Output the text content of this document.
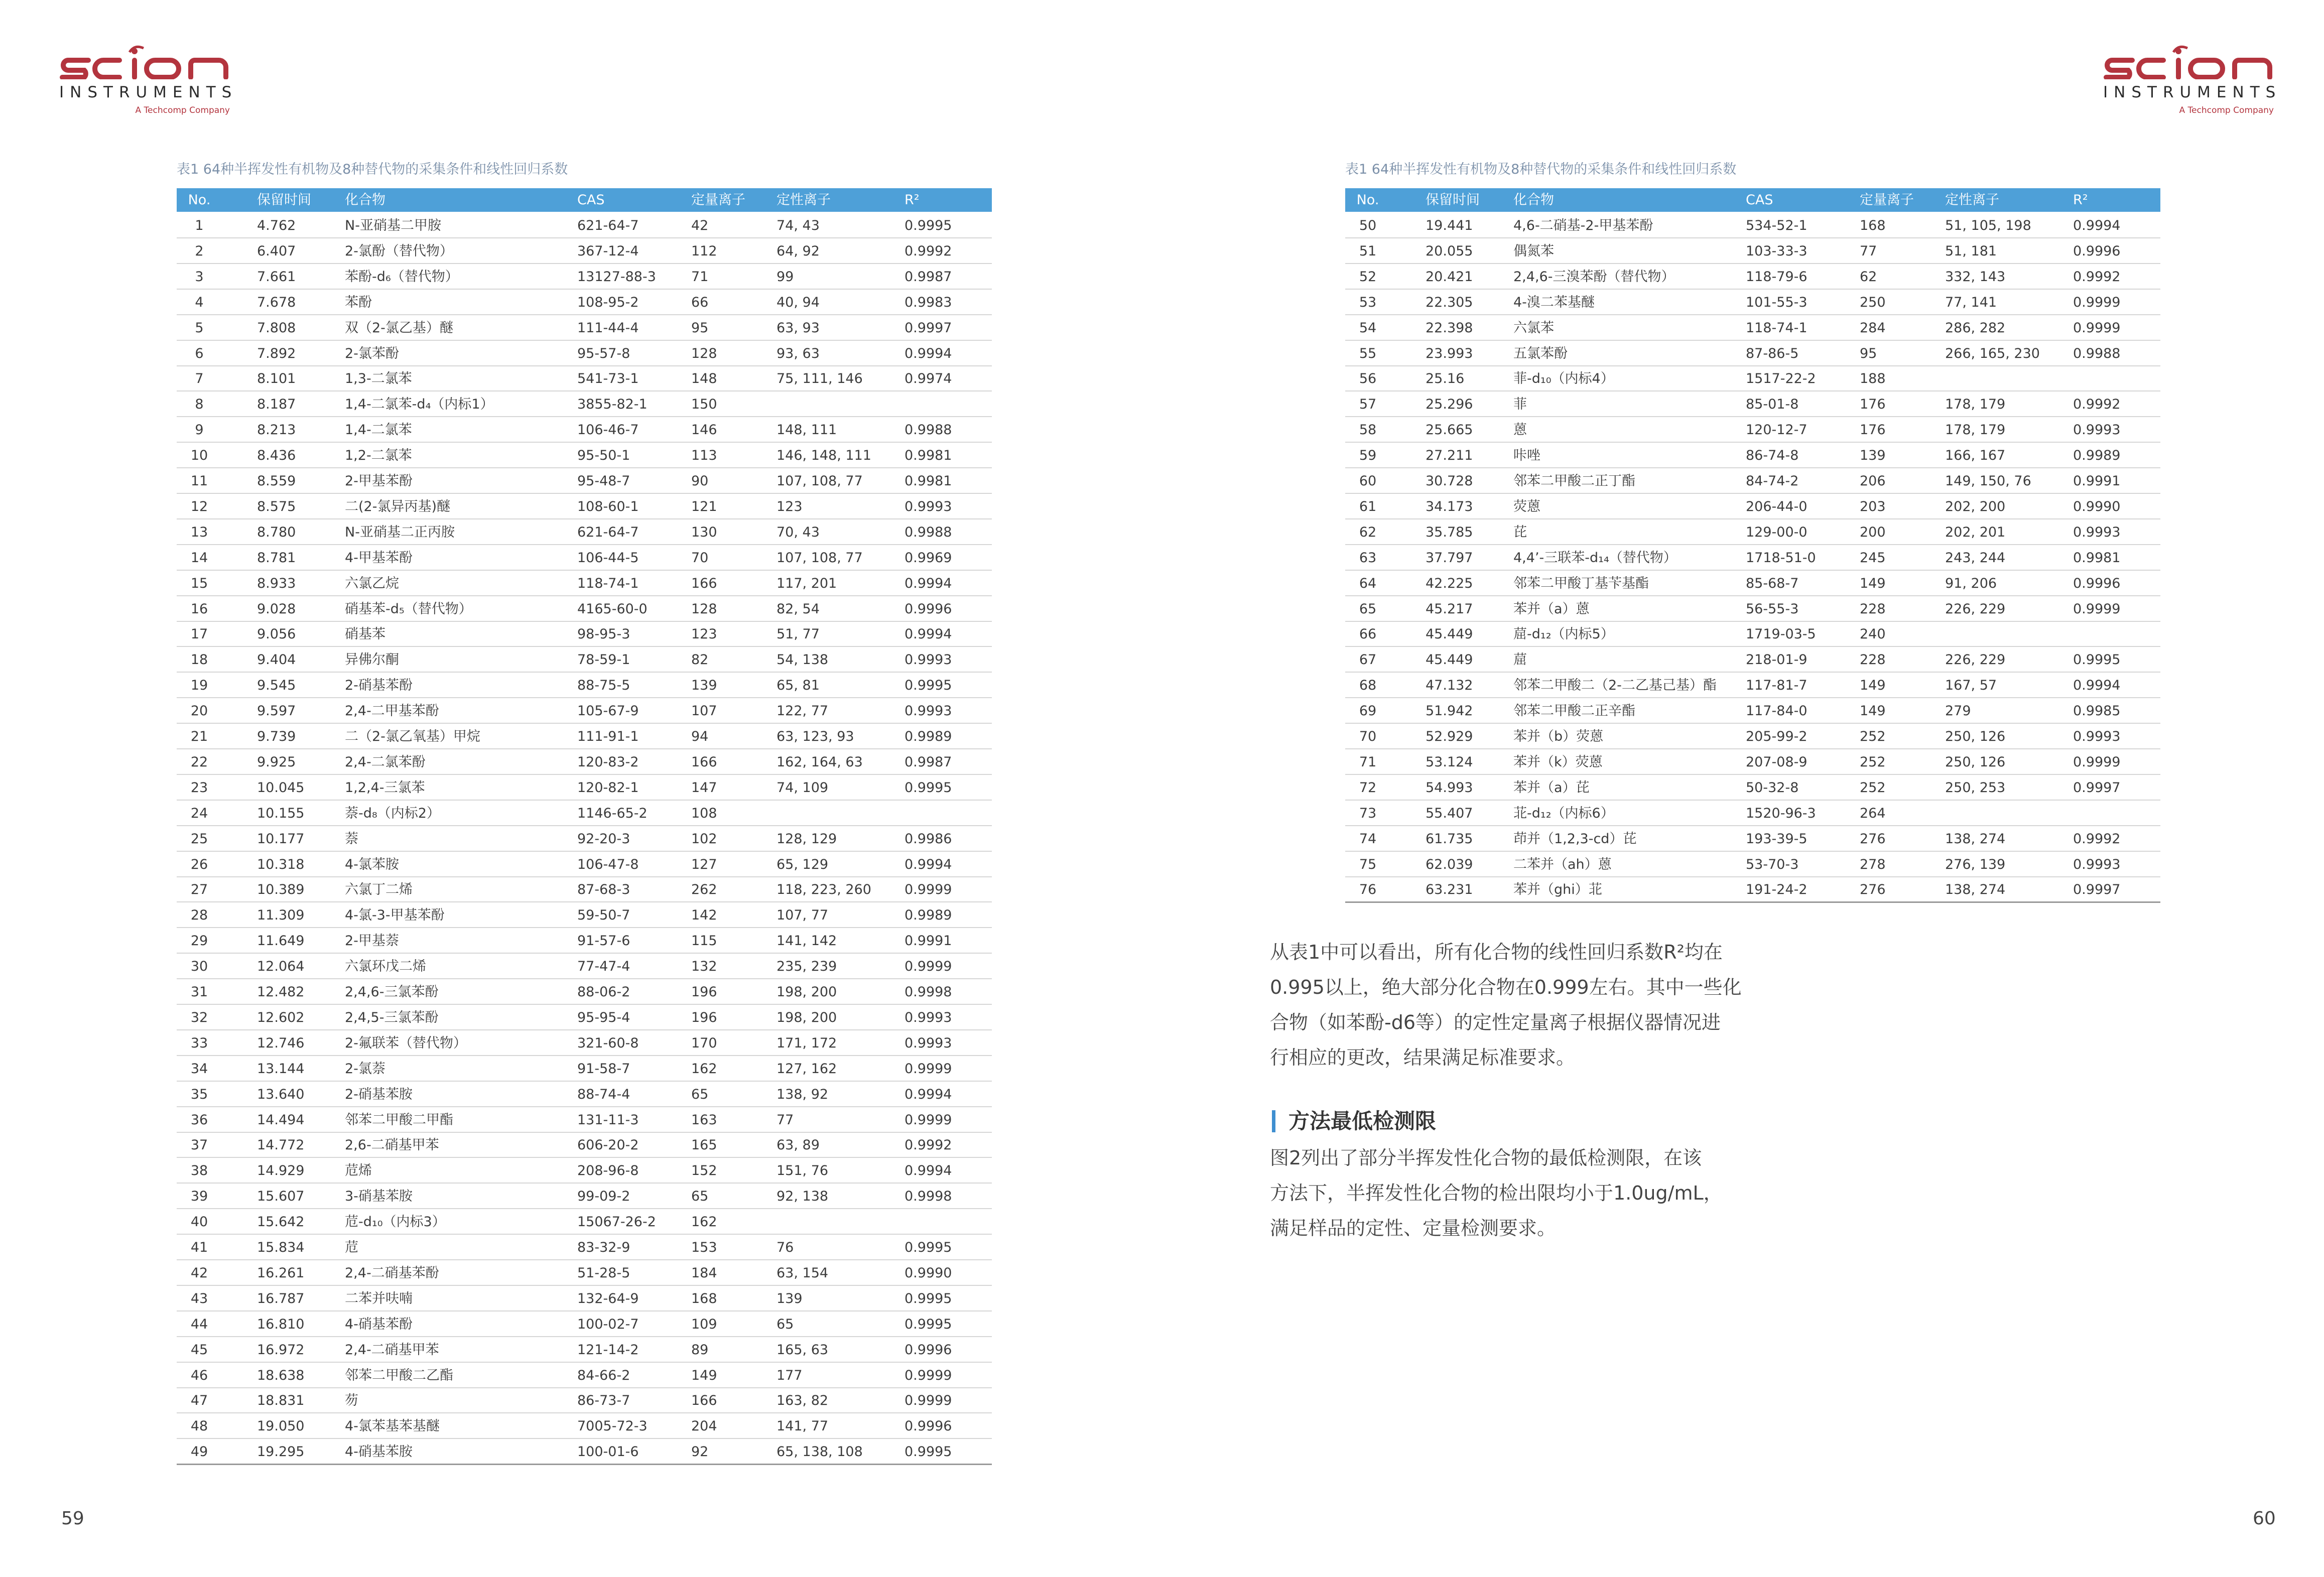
INSTRUMENTS
A Techcomp Company
INSTRUMENTS
A Techcomp Company
表1 64种半挥发性有机物及8种替代物的采集条件和线性回归系数	表1 64种半挥发性有机物及8种替代物的采集条件和线性回归系数
No.	保留时间 化合物	CAS	定量离子 定性离子	R²
1	4.762	N-亚硝基二甲胺	621-64-7	42	74, 43	0.9995
2	6.407	2-氯酚（替代物）	367-12-4	112	64, 92	0.9992
3	7.661	苯酚-d₆（替代物）	13127-88-3	71	99	0.9987
4	7.678	苯酚	108-95-2	66	40, 94	0.9983
5	7.808	双（2-氯乙基）醚	111-44-4	95	63, 93	0.9997
6	7.892	2-氯苯酚	95-57-8	128	93, 63	0.9994
7	8.101	1,3-二氯苯	541-73-1	148	75, 111, 146	0.9974
8	8.187	1,4-二氯苯-d₄（内标1）	3855-82-1	150
9	8.213	1,4-二氯苯	106-46-7	146	148, 111	0.9988
10	8.436	1,2-二氯苯	95-50-1	113	146, 148, 111 0.9981
11	8.559	2-甲基苯酚	95-48-7	90	107, 108, 77	0.9981
12	8.575	二(2-氯异丙基)醚	108-60-1	121	123	0.9993
13	8.780	N-亚硝基二正丙胺	621-64-7	130	70, 43	0.9988
14	8.781	4-甲基苯酚	106-44-5	70	107, 108, 77	0.9969
15	8.933	六氯乙烷	118-74-1	166	117, 201	0.9994
16	9.028	硝基苯-d₅（替代物）	4165-60-0	128	82, 54	0.9996
17	9.056	硝基苯	98-95-3	123	51, 77	0.9994
18	9.404	异佛尔酮	78-59-1	82	54, 138	0.9993
19	9.545	2-硝基苯酚	88-75-5	139	65, 81	0.9995
20	9.597	2,4-二甲基苯酚	105-67-9	107	122, 77	0.9993
21	9.739	二（2-氯乙氧基）甲烷	111-91-1	94	63, 123, 93	0.9989
22	9.925	2,4-二氯苯酚	120-83-2	166	162, 164, 63	0.9987
23	10.045	1,2,4-三氯苯	120-82-1	147	74, 109	0.9995
24	10.155	萘-d₈（内标2）	1146-65-2	108
25	10.177	萘	92-20-3	102	128, 129	0.9986
26	10.318	4-氯苯胺	106-47-8	127	65, 129	0.9994
27	10.389	六氯丁二烯	87-68-3	262	118, 223, 260 0.9999
28	11.309	4-氯-3-甲基苯酚	59-50-7	142	107, 77	0.9989
29	11.649	2-甲基萘	91-57-6	115	141, 142	0.9991
30	12.064	六氯环戊二烯	77-47-4	132	235, 239	0.9999
31	12.482	2,4,6-三氯苯酚	88-06-2	196	198, 200	0.9998
32	12.602	2,4,5-三氯苯酚	95-95-4	196	198, 200	0.9993
33	12.746	2-氟联苯（替代物）	321-60-8	170	171, 172	0.9993
34	13.144	2-氯萘	91-58-7	162	127, 162	0.9999
35	13.640	2-硝基苯胺	88-74-4	65	138, 92	0.9994
36	14.494	邻苯二甲酸二甲酯	131-11-3	163	77	0.9999
37	14.772	2,6-二硝基甲苯	606-20-2	165	63, 89	0.9992
38	14.929	苊烯	208-96-8	152	151, 76	0.9994
39	15.607	3-硝基苯胺	99-09-2	65	92, 138	0.9998
40	15.642	苊-d₁₀（内标3）	15067-26-2	162
41	15.834	苊	83-32-9	153	76	0.9995
42	16.261	2,4-二硝基苯酚	51-28-5	184	63, 154	0.9990
43	16.787	二苯并呋喃	132-64-9	168	139	0.9995
44	16.810	4-硝基苯酚	100-02-7	109	65	0.9995
45	16.972	2,4-二硝基甲苯	121-14-2	89	165, 63	0.9996
46	18.638	邻苯二甲酸二乙酯	84-66-2	149	177	0.9999
47	18.831	芴	86-73-7	166	163, 82	0.9999
48	19.050	4-氯苯基苯基醚	7005-72-3	204	141, 77	0.9996
49	19.295	4-硝基苯胺	100-01-6	92	65, 138, 108	0.9995
No.	保留时间 化合物	CAS	定量离子 定性离子	R²
50	19.441	4,6-二硝基-2-甲基苯酚	534-52-1	168	51, 105, 198	0.9994
51	20.055	偶氮苯	103-33-3	77	51, 181	0.9996
52	20.421	2,4,6-三溴苯酚（替代物）	118-79-6	62	332, 143	0.9992
53	22.305	4-溴二苯基醚	101-55-3	250	77, 141	0.9999
54	22.398	六氯苯	118-74-1	284	286, 282	0.9999
55	23.993	五氯苯酚	87-86-5	95	266, 165, 230 0.9988
56	25.16	菲-d₁₀（内标4）	1517-22-2	188
57	25.296	菲	85-01-8	176	178, 179	0.9992
58	25.665	蒽	120-12-7	176	178, 179	0.9993
59	27.211	咔唑	86-74-8	139	166, 167	0.9989
60	30.728	邻苯二甲酸二正丁酯	84-74-2	206	149, 150, 76	0.9991
61	34.173	荧蒽	206-44-0	203	202, 200	0.9990
62	35.785	芘	129-00-0	200	202, 201	0.9993
63	37.797	4,4’-三联苯-d₁₄（替代物）	1718-51-0	245	243, 244	0.9981
64	42.225	邻苯二甲酸丁基苄基酯	85-68-7	149	91, 206	0.9996
65	45.217	苯并（a）蒽	56-55-3	228	226, 229	0.9999
66	45.449	䓛-d₁₂（内标5）	1719-03-5	240
67	45.449	䓛	218-01-9	228	226, 229	0.9995
68	47.132	邻苯二甲酸二（2-二乙基己基）酯 117-81-7	149	167, 57	0.9994
69	51.942	邻苯二甲酸二正辛酯	117-84-0	149	279	0.9985
70	52.929	苯并（b）荧蒽	205-99-2	252	250, 126	0.9993
71	53.124	苯并（k）荧蒽	207-08-9	252	250, 126	0.9999
72	54.993	苯并（a）芘	50-32-8	252	250, 253	0.9997
73	55.407	苝-d₁₂（内标6）	1520-96-3	264
74	61.735	茚并（1,2,3-cd）芘	193-39-5	276	138, 274	0.9992
75	62.039	二苯并（ah）蒽	53-70-3	278	276, 139	0.9993
76	63.231	苯并（ghi）苝	191-24-2	276	138, 274	0.9997
从表1中可以看出，所有化合物的线性回归系数R²均在
0.995以上，绝大部分化合物在0.999左右。其中一些化
合物（如苯酚-d6等）的定性定量离子根据仪器情况进
行相应的更改，结果满足标准要求。
方法最低检测限
图2列出了部分半挥发性化合物的最低检测限，在该
方法下，半挥发性化合物的检出限均小于1.0ug/mL，
满足样品的定性、定量检测要求。
59	60
